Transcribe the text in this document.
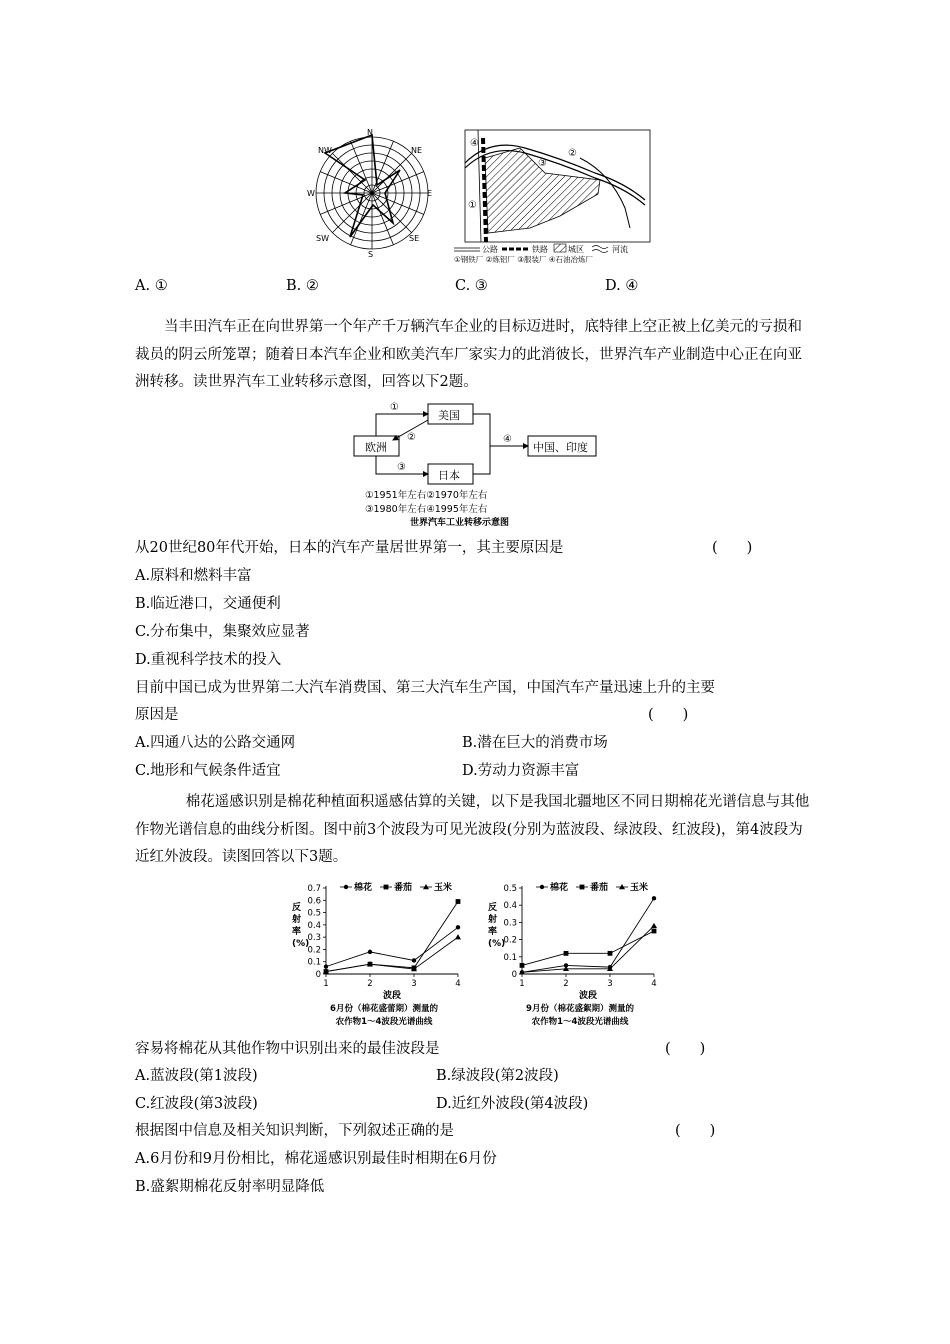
N
NE
E
SE
S
SW
W
NW
④
③
②
①
公路	铁路	城区	河流
①钢铁厂 ②炼铝厂 ③服装厂 ④石油冶炼厂
A. ①	B. ②	C. ③	D. ④
当丰田汽车正在向世界第一个年产千万辆汽车企业的目标迈进时，底特律上空正被上亿美元的亏损和裁员的阴云所笼罩；随着日本汽车企业和欧美汽车厂家实力的此消彼长，世界汽车产业制造中心正在向亚洲转移。读世界汽车工业转移示意图，回答以下2题。
欧洲
美国
日本
中国、印度
①
②
③
④
①1951年左右②1970年左右
③1980年左右④1995年左右
世界汽车工业转移示意图
从20世纪80年代开始，日本的汽车产量居世界第一，其主要原因是	(　　)
A.原料和燃料丰富
B.临近港口，交通便利
C.分布集中，集聚效应显著
D.重视科学技术的投入
目前中国已成为世界第二大汽车消费国、第三大汽车生产国，中国汽车产量迅速上升的主要
原因是	(　　)
A.四通八达的公路交通网	B.潜在巨大的消费市场
C.地形和气候条件适宜	D.劳动力资源丰富
棉花遥感识别是棉花种植面积遥感估算的关键，以下是我国北疆地区不同日期棉花光谱信息与其他作物光谱信息的曲线分析图。图中前3个波段为可见光波段(分别为蓝波段、绿波段、红波段)，第4波段为近红外波段。读图回答以下3题。
0
0.1
0.2
0.3
0.4
0.5
0.6
0.7
1	2	3	4
反
射
率
(%)
波段
6月份（棉花盛蕾期）测量的
农作物1～4波段光谱曲线
棉花 番茄 玉米
0
0.1
0.2
0.3
0.4
0.5
1	2	3	4
反
射
率
(%)
波段
9月份（棉花盛絮期）测量的
农作物1～4波段光谱曲线
棉花 番茄 玉米
容易将棉花从其他作物中识别出来的最佳波段是	(　　)
A.蓝波段(第1波段)	B.绿波段(第2波段)
C.红波段(第3波段)	D.近红外波段(第4波段)
根据图中信息及相关知识判断，下列叙述正确的是	(　　)
A.6月份和9月份相比，棉花遥感识别最佳时相期在6月份
B.盛絮期棉花反射率明显降低
